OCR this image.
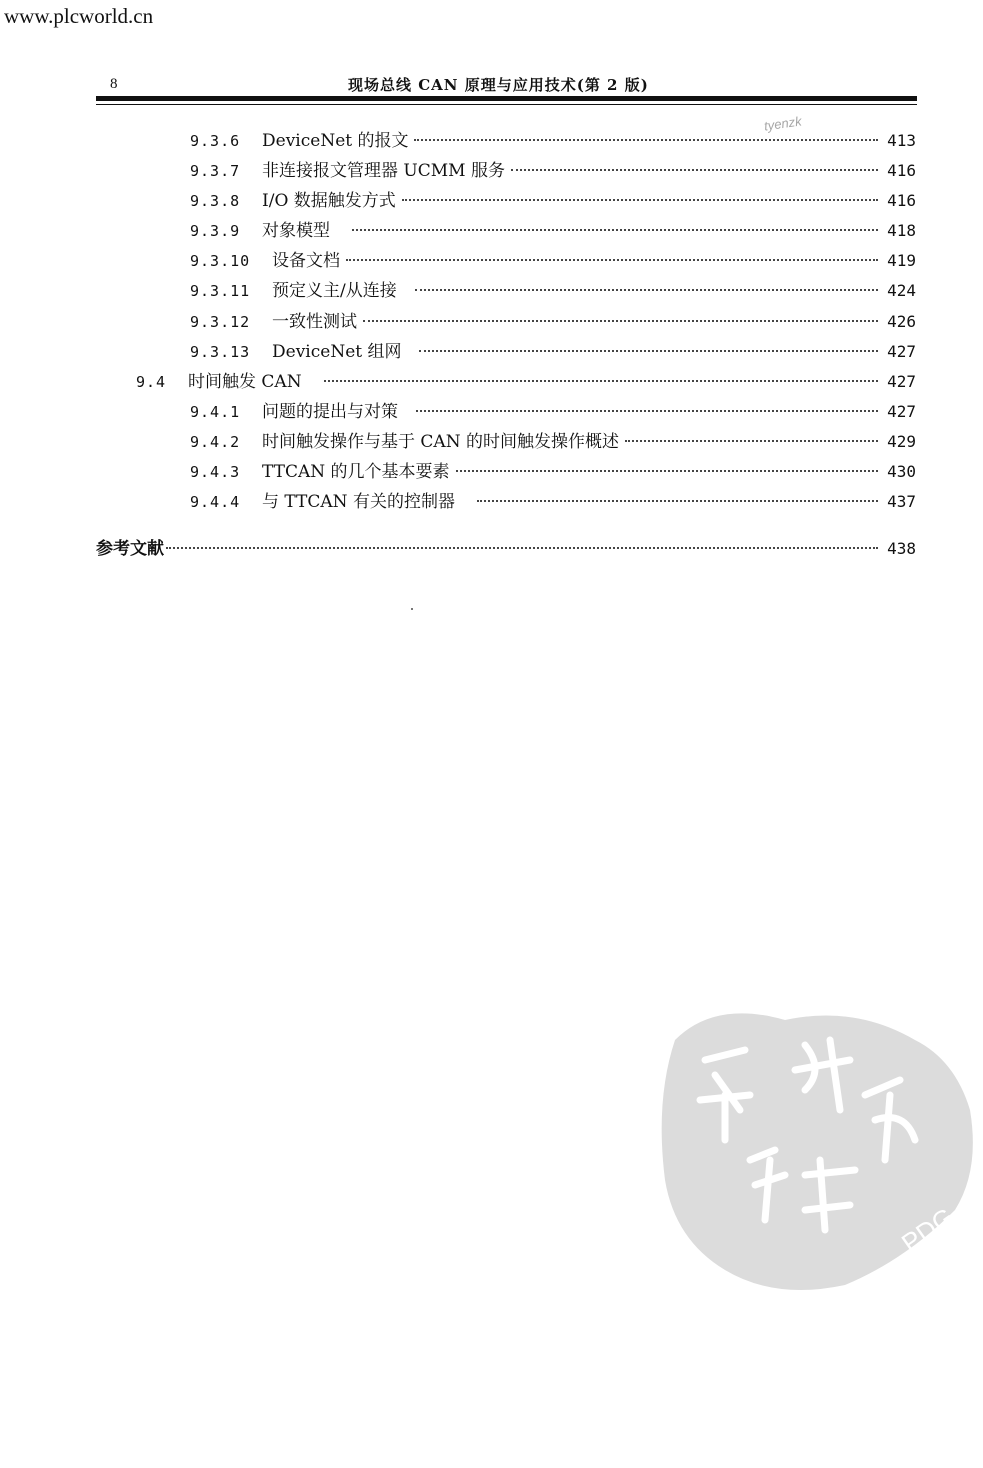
www.plcworld.cn
8	现场总线 CAN 原理与应用技术(第 2 版)
tyenzk
9.3.6	DeviceNet 的报文	413
9.3.7	非连接报文管理器 UCMM 服务	416
9.3.8	I/O 数据触发方式	416
9.3.9	对象模型	418
9.3.10	设备文档	419
9.3.11	预定义主/从连接	424
9.3.12	一致性测试	426
9.3.13	DeviceNet 组网	427
9.4	时间触发 CAN	427
9.4.1	问题的提出与对策	427
9.4.2	时间触发操作与基于 CAN 的时间触发操作概述	429
9.4.3	TTCAN 的几个基本要素	430
9.4.4	与 TTCAN 有关的控制器	437
参考文献	438
PDG
